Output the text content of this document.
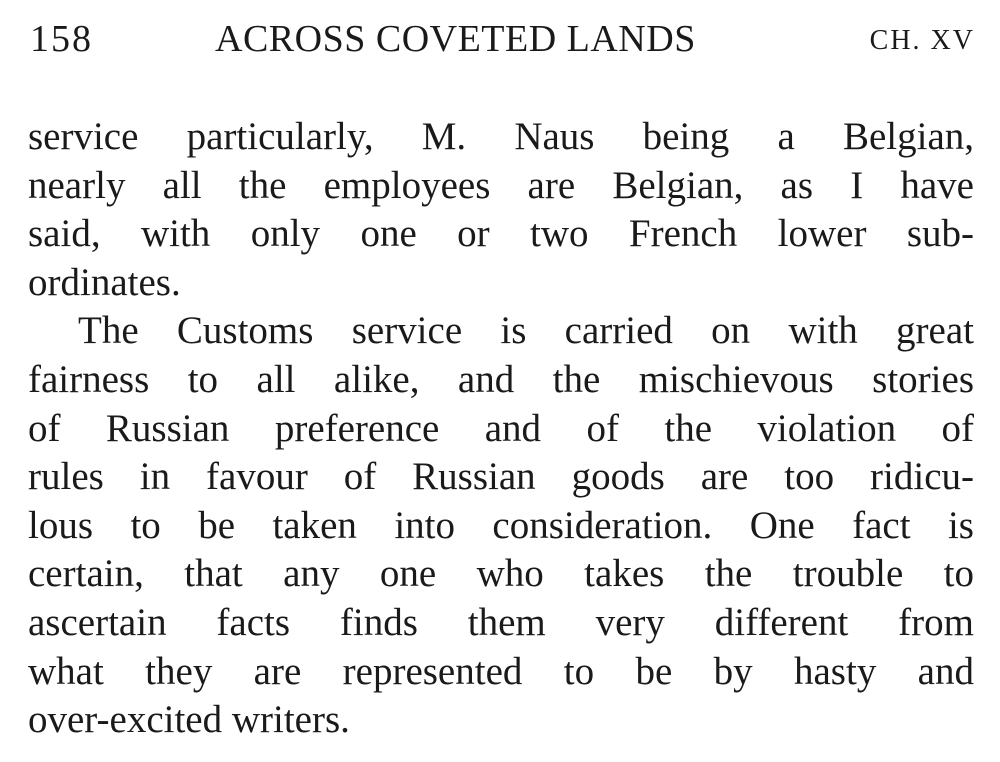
158	ACROSS COVETED LANDS	CH. XV
service particularly, M. Naus being a Belgian,
nearly all the employees are Belgian, as I have
said, with only one or two French lower sub-
ordinates.
The Customs service is carried on with great
fairness to all alike, and the mischievous stories
of Russian preference and of the violation of
rules in favour of Russian goods are too ridicu-
lous to be taken into consideration. One fact is
certain, that any one who takes the trouble to
ascertain facts finds them very different from
what they are represented to be by hasty and
over-excited writers.
